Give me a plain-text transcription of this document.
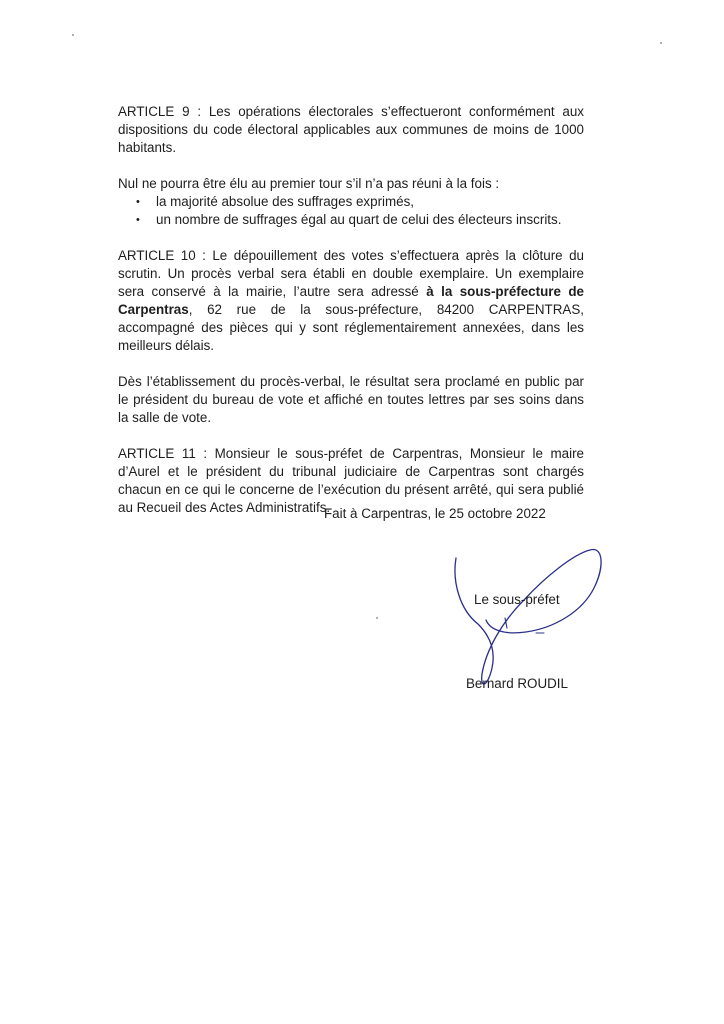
ARTICLE 9 : Les opérations électorales s’effectueront conformément aux dispositions du code électoral applicables aux communes de moins de 1000 habitants.

Nul ne pourra être élu au premier tour s’il n’a pas réuni à la fois :

• la majorité absolue des suffrages exprimés,
• un nombre de suffrages égal au quart de celui des électeurs inscrits.

ARTICLE 10 : Le dépouillement des votes s’effectuera après la clôture du scrutin. Un procès verbal sera établi en double exemplaire. Un exemplaire sera conservé à la mairie, l’autre sera adressé à la sous-préfecture de Carpentras, 62 rue de la sous-préfecture, 84200 CARPENTRAS, accompagné des pièces qui y sont réglementairement annexées, dans les meilleurs délais.

Dès l’établissement du procès-verbal, le résultat sera proclamé en public par le président du bureau de vote et affiché en toutes lettres par ses soins dans la salle de vote.

ARTICLE 11 : Monsieur le sous-préfet de Carpentras, Monsieur le maire d’Aurel et le président du tribunal judiciaire de Carpentras sont chargés chacun en ce qui le concerne de l’exécution du présent arrêté, qui sera publié au Recueil des Actes Administratifs.

Fait à Carpentras, le 25 octobre 2022
Le sous-préfet
Bernard ROUDIL
